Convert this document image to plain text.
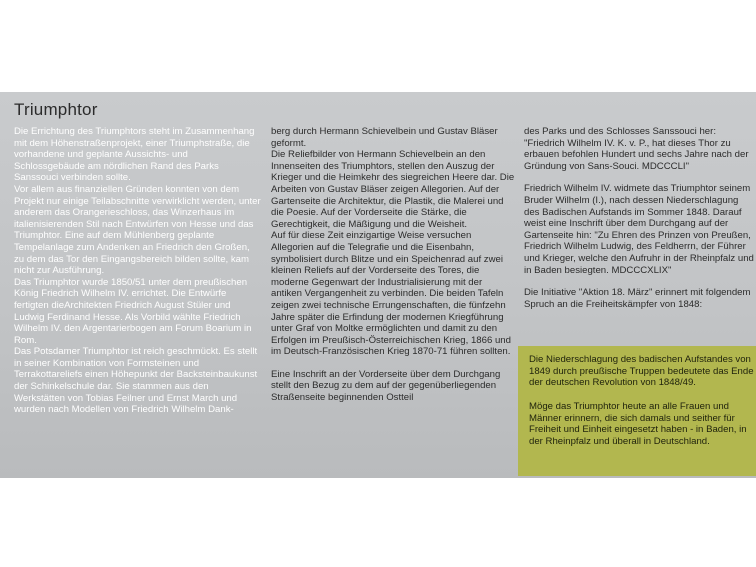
Triumphtor

Die Errichtung des Triumphtors steht im Zusammenhang mit dem Höhenstraßenprojekt, einer Triumphstraße, die vorhandene und geplante Aussichts- und Schlossgebäude am nördlichen Rand des Parks Sanssouci verbinden sollte.

Vor allem aus finanziellen Gründen konnten von dem Projekt nur einige Teilabschnitte verwirklicht werden, unter anderem das Orangerieschloss, das Winzerhaus im italienisierenden Stil nach Entwürfen von Hesse und das Triumphtor. Eine auf dem Mühlenberg geplante Tempelanlage zum Andenken an Friedrich den Großen, zu dem das Tor den Eingangsbereich bilden sollte, kam nicht zur Ausführung.

Das Triumphtor wurde 1850/51 unter dem preußischen König Friedrich Wilhelm IV. errichtet. Die Entwürfe fertigten dieArchitekten Friedrich August Stüler und Ludwig Ferdinand Hesse. Als Vorbild wählte Friedrich Wilhelm IV. den Argentarierbogen am Forum Boarium in Rom.

Das Potsdamer Triumphtor ist reich geschmückt. Es stellt in seiner Kombination von Formsteinen und Terrakottareliefs einen Höhepunkt der Backsteinbaukunst der Schinkelschule dar. Sie stammen aus den Werkstätten von Tobias Feilner und Ernst March und wurden nach Modellen von Friedrich Wilhelm Dank-

berg durch Hermann Schievelbein und Gustav Bläser geformt.

Die Reliefbilder von Hermann Schievelbein an den Innenseiten des Triumphtors, stellen den Auszug der Krieger und die Heimkehr des siegreichen Heere dar. Die Arbeiten von Gustav Bläser zeigen Allegorien. Auf der Gartenseite die Architektur, die Plastik, die Malerei und die Poesie. Auf der Vorderseite die Stärke, die Gerechtigkeit, die Mäßigung und die Weisheit.

Auf für diese Zeit einzigartige Weise versuchen Allegorien auf die Telegrafie und die Eisenbahn, symbolisiert durch Blitze und ein Speichenrad auf zwei kleinen Reliefs auf der Vorderseite des Tores, die moderne Gegenwart der Industrialisierung mit der antiken Vergangenheit zu verbinden. Die beiden Tafeln zeigen zwei technische Errungenschaften, die fünfzehn Jahre später die Erfindung der modernen Kriegführung unter Graf von Moltke ermöglichten und damit zu den Erfolgen im Preußisch-Österreichischen Krieg, 1866 und im Deutsch-Französischen Krieg 1870-71 führen sollten.

Eine Inschrift an der Vorderseite über dem Durchgang stellt den Bezug zu dem auf der gegenüberliegenden Straßenseite beginnenden Ostteil

des Parks und des Schlosses Sanssouci her: "Friedrich Wilhelm IV. K. v. P., hat dieses Thor zu erbauen befohlen Hundert und sechs Jahre nach der Gründung von Sans-Souci. MDCCCLI"

Friedrich Wilhelm IV. widmete das Triumphtor seinem Bruder Wilhelm (I.), nach dessen Niederschlagung des Badischen Aufstands im Sommer 1848. Darauf weist eine Inschrift über dem Durchgang auf der Gartenseite hin: "Zu Ehren des Prinzen von Preußen, Friedrich Wilhelm Ludwig, des Feldherrn, der Führer und Krieger, welche den Aufruhr in der Rheinpfalz und in Baden besiegten. MDCCCXLIX"

Die Initiative "Aktion 18. März" erinnert mit folgendem Spruch an die Freiheitskämpfer von 1848:

Die Niederschlagung des badischen Aufstandes von 1849 durch preußische Truppen bedeutete das Ende der deutschen Revolution von 1848/49.

Möge das Triumphtor heute an alle Frauen und Männer erinnern, die sich damals und seither für Freiheit und Einheit eingesetzt haben - in Baden, in der Rheinpfalz und überall in Deutschland.
